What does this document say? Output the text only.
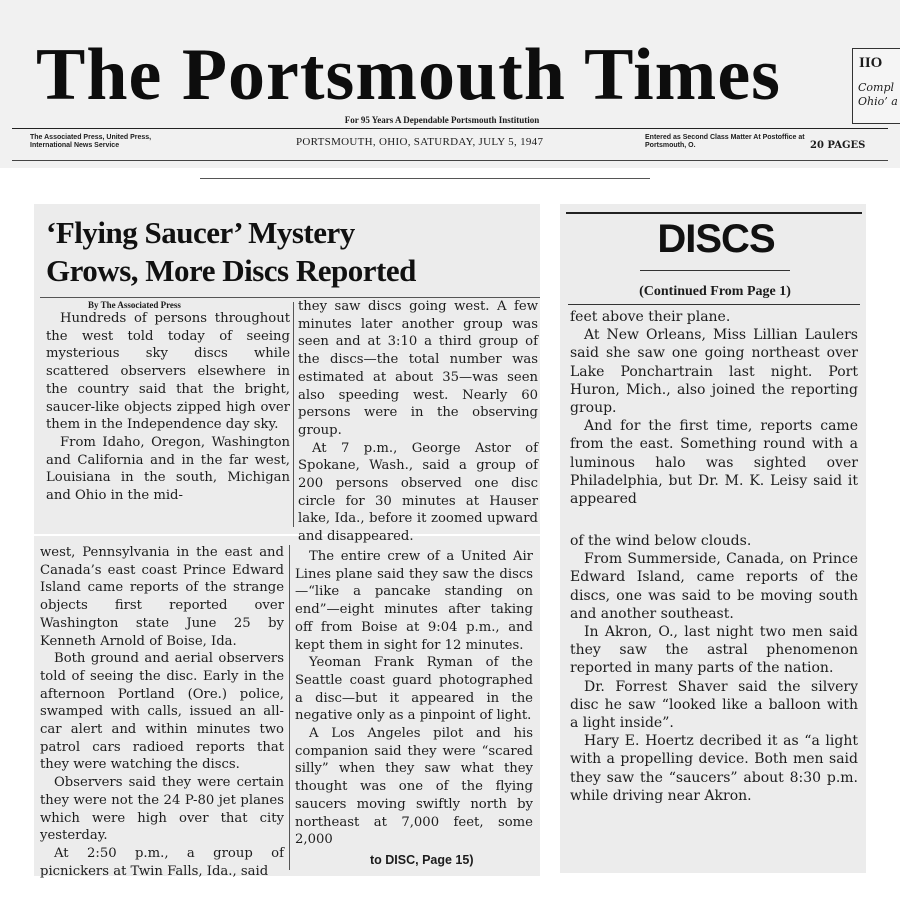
The Portsmouth Times
For 95 Years A Dependable Portsmouth Institution
The Associated Press, United Press, International News Service	PORTSMOUTH, OHIO, SATURDAY, JULY 5, 1947	Entered as Second Class Matter At Postoffice at Portsmouth, O.	20 PAGES
IIO
Compl
Ohio’ a
‘Flying Saucer’ Mystery
Grows, More Discs Reported
By The Associated Press

Hundreds of persons throughout the west told today of seeing mysterious sky discs while scattered observers elsewhere in the country said that the bright, saucer-like objects zipped high over them in the Independence day sky.

From Idaho, Oregon, Washington and California and in the far west, Louisiana in the south, Michigan and Ohio in the mid-

they saw discs going west. A few minutes later another group was seen and at 3:10 a third group of the discs—the total number was estimated at about 35—was seen also speeding west. Nearly 60 persons were in the observing group.

At 7 p.m., George Astor of Spokane, Wash., said a group of 200 persons observed one disc circle for 30 minutes at Hauser lake, Ida., before it zoomed upward and disappeared.

west, Pennsylvania in the east and Canada’s east coast Prince Edward Island came reports of the strange objects first reported over Washington state June 25 by Kenneth Arnold of Boise, Ida.

Both ground and aerial observers told of seeing the disc. Early in the afternoon Portland (Ore.) police, swamped with calls, issued an all-car alert and within minutes two patrol cars radioed reports that they were watching the discs.

Observers said they were certain they were not the 24 P-80 jet planes which were high over that city yesterday.

At 2:50 p.m., a group of picnickers at Twin Falls, Ida., said

The entire crew of a United Air Lines plane said they saw the discs—“like a pancake standing on end”—eight minutes after taking off from Boise at 9:04 p.m., and kept them in sight for 12 minutes.

Yeoman Frank Ryman of the Seattle coast guard photographed a disc—but it appeared in the negative only as a pinpoint of light.

A Los Angeles pilot and his companion said they were “scared silly” when they saw what they thought was one of the flying saucers moving swiftly north by northeast at 7,000 feet, some 2,000

to DISC, Page 15)
DISCS
(Continued From Page 1)

feet above their plane.

At New Orleans, Miss Lillian Laulers said she saw one going northeast over Lake Ponchartrain last night. Port Huron, Mich., also joined the reporting group.

And for the first time, reports came from the east. Something round with a luminous halo was sighted over Philadelphia, but Dr. M. K. Leisy said it appeared

of the wind below clouds.

From Summerside, Canada, on Prince Edward Island, came reports of the discs, one was said to be moving south and another southeast.

In Akron, O., last night two men said they saw the astral phenomenon reported in many parts of the nation.

Dr. Forrest Shaver said the silvery disc he saw “looked like a balloon with a light inside”.

Hary E. Hoertz decribed it as “a light with a propelling device. Both men said they saw the “saucers” about 8:30 p.m. while driving near Akron.
